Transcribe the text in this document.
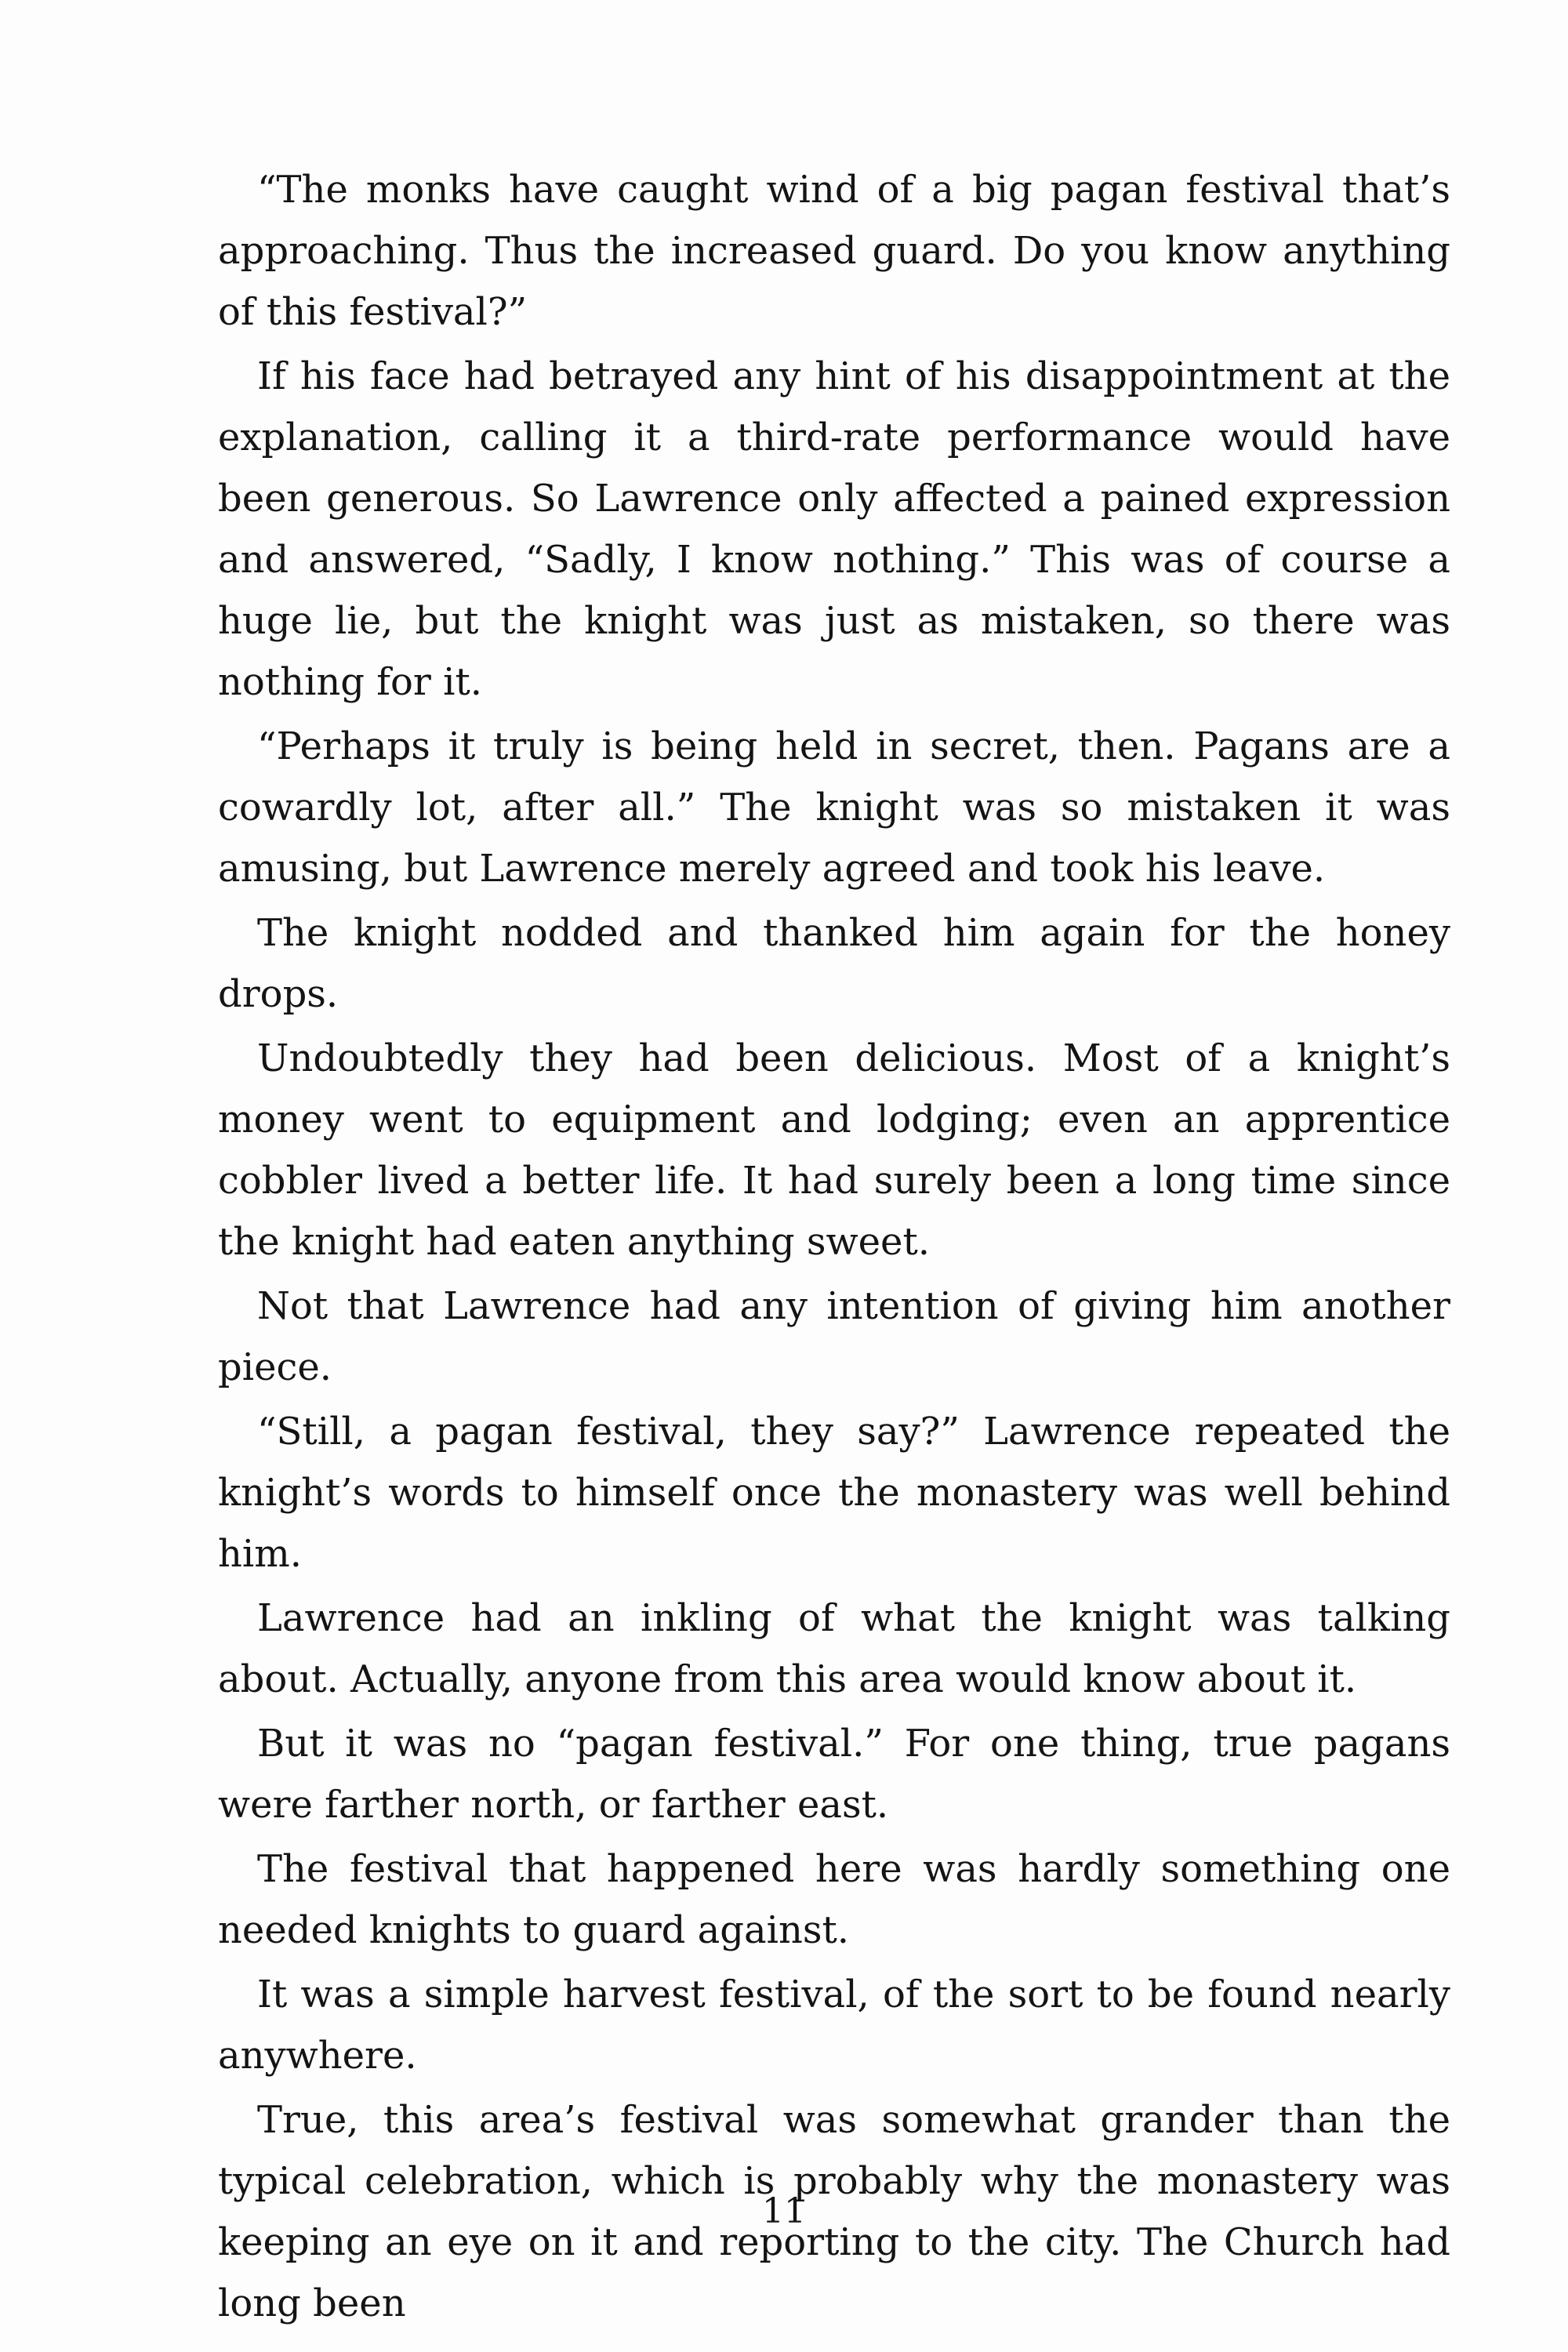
“The monks have caught wind of a big pagan festival that’s approaching. Thus the increased guard. Do you know anything of this festival?”

If his face had betrayed any hint of his disappointment at the explanation, calling it a third-rate performance would have been generous. So Lawrence only affected a pained expression and answered, “Sadly, I know nothing.” This was of course a huge lie, but the knight was just as mistaken, so there was nothing for it.

“Perhaps it truly is being held in secret, then. Pagans are a cowardly lot, after all.” The knight was so mistaken it was amusing, but Lawrence merely agreed and took his leave.

The knight nodded and thanked him again for the honey drops.

Undoubtedly they had been delicious. Most of a knight’s money went to equipment and lodging; even an apprentice cobbler lived a better life. It had surely been a long time since the knight had eaten anything sweet.

Not that Lawrence had any intention of giving him another piece.

“Still, a pagan festival, they say?” Lawrence repeated the knight’s words to himself once the monastery was well behind him.

Lawrence had an inkling of what the knight was talking about. Actually, anyone from this area would know about it.

But it was no “pagan festival.” For one thing, true pagans were farther north, or farther east.

The festival that happened here was hardly something one needed knights to guard against.

It was a simple harvest festival, of the sort to be found nearly anywhere.

True, this area’s festival was somewhat grander than the typical celebration, which is probably why the monastery was keeping an eye on it and reporting to the city. The Church had long been

11
